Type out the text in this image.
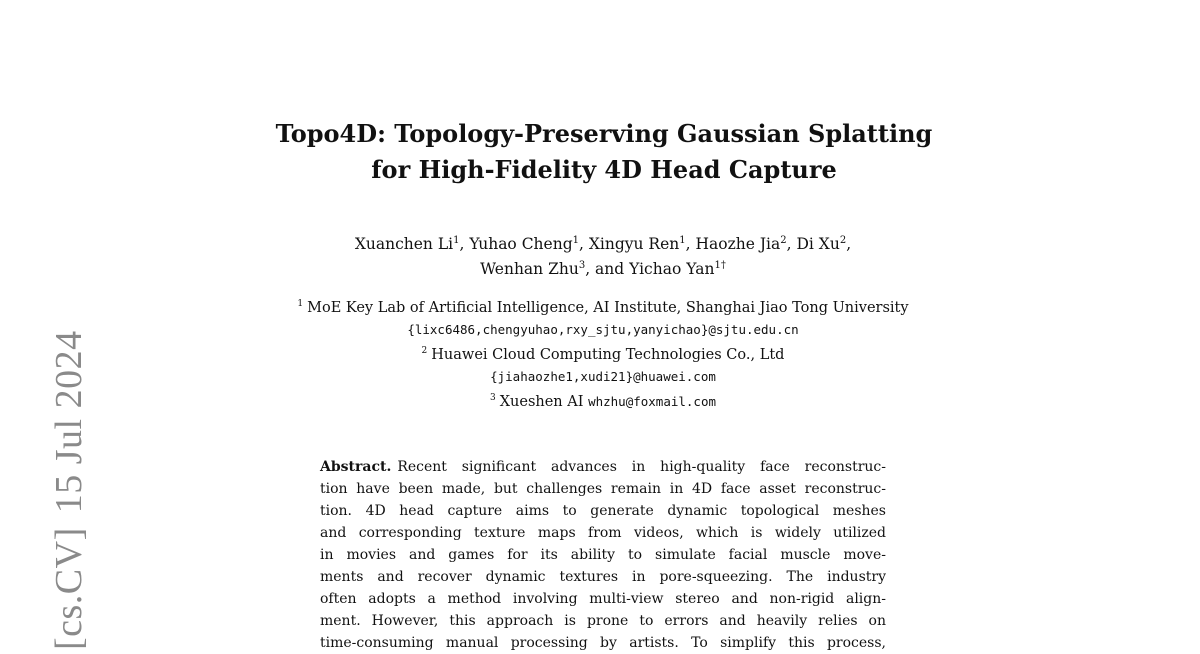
[cs.CV]15 Jul 2024
Topo4D: Topology-Preserving Gaussian Splatting
for High-Fidelity 4D Head Capture
Xuanchen Li$^1$, Yuhao Cheng$^1$, Xingyu Ren$^1$, Haozhe Jia$^2$, Di Xu$^2$,
Wenhan Zhu$^3$, and Yichao Yan$^{1\dagger}$
$^1$ MoE Key Lab of Artificial Intelligence, AI Institute, Shanghai Jiao Tong University
{lixc6486,chengyuhao,rxy_sjtu,yanyichao}@sjtu.edu.cn
$^2$ Huawei Cloud Computing Technologies Co., Ltd
{jiahaozhe1,xudi21}@huawei.com
$^3$ Xueshen AI whzhu@foxmail.com
Abstract. Recent significant advances in high-quality face reconstruc-
tion have been made, but challenges remain in 4D face asset reconstruc-
tion. 4D head capture aims to generate dynamic topological meshes
and corresponding texture maps from videos, which is widely utilized
in movies and games for its ability to simulate facial muscle move-
ments and recover dynamic textures in pore-squeezing. The industry
often adopts a method involving multi-view stereo and non-rigid align-
ment. However, this approach is prone to errors and heavily relies on
time-consuming manual processing by artists. To simplify this process,
